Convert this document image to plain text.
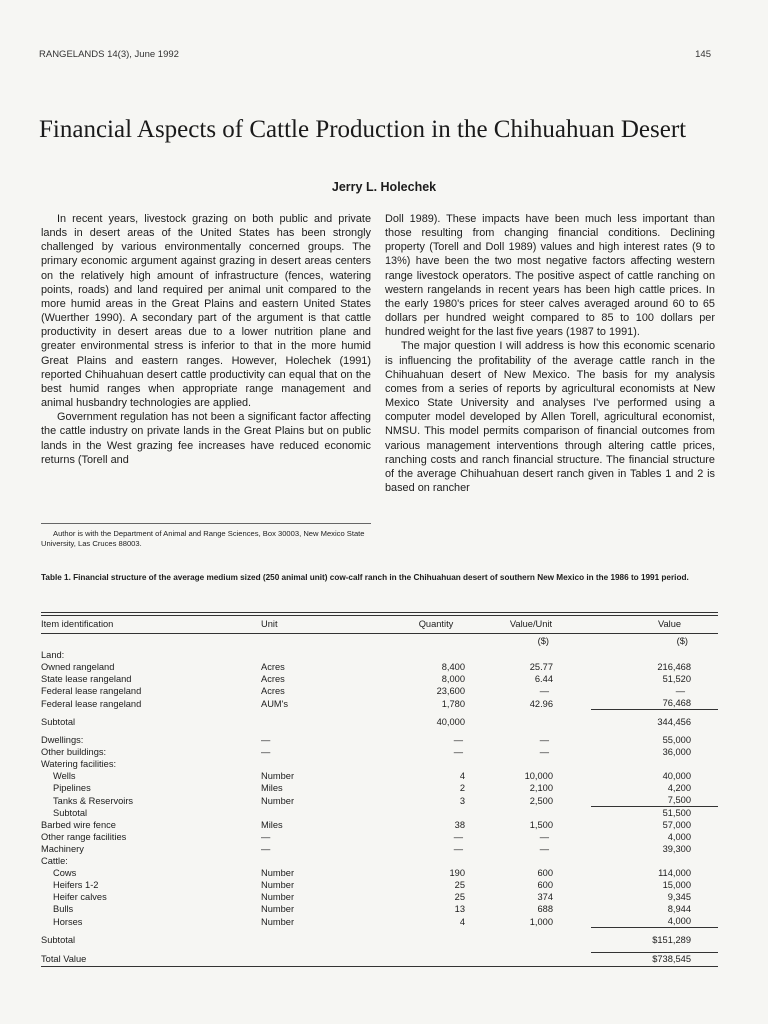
RANGELANDS 14(3), June 1992	145
Financial Aspects of Cattle Production in the Chihuahuan Desert
Jerry L. Holechek

In recent years, livestock grazing on both public and private lands in desert areas of the United States has been strongly challenged by various environmentally concerned groups. The primary economic argument against grazing in desert areas centers on the relatively high amount of infrastructure (fences, watering points, roads) and land required per animal unit compared to the more humid areas in the Great Plains and eastern United States (Wuerther 1990). A secondary part of the argument is that cattle productivity in desert areas due to a lower nutrition plane and greater environmental stress is inferior to that in the more humid Great Plains and eastern ranges. However, Holechek (1991) reported Chihuahuan desert cattle productivity can equal that on the best humid ranges when appropriate range management and animal husbandry technologies are applied.

Government regulation has not been a significant factor affecting the cattle industry on private lands in the Great Plains but on public lands in the West grazing fee increases have reduced economic returns (Torell and

Author is with the Department of Animal and Range Sciences, Box 30003, New Mexico State University, Las Cruces 88003.

Doll 1989). These impacts have been much less important than those resulting from changing financial conditions. Declining property (Torell and Doll 1989) values and high interest rates (9 to 13%) have been the two most negative factors affecting western range livestock operators. The positive aspect of cattle ranching on western rangelands in recent years has been high cattle prices. In the early 1980's prices for steer calves averaged around 60 to 65 dollars per hundred weight compared to 85 to 100 dollars per hundred weight for the last five years (1987 to 1991).

The major question I will address is how this economic scenario is influencing the profitability of the average cattle ranch in the Chihuahuan desert of New Mexico. The basis for my analysis comes from a series of reports by agricultural economists at New Mexico State University and analyses I've performed using a computer model developed by Allen Torell, agricultural economist, NMSU. This model permits comparison of financial outcomes from various management interventions through altering cattle prices, ranching costs and ranch financial structure. The financial structure of the average Chihuahuan desert ranch given in Tables 1 and 2 is based on rancher

Table 1. Financial structure of the average medium sized (250 animal unit) cow-calf ranch in the Chihuahuan desert of southern New Mexico in the 1986 to 1991 period.
Item identification	Unit	Quantity	Value/Unit	Value
			($)	($)
Land:				
Owned rangeland	Acres	8,400	25.77	216,468
State lease rangeland	Acres	8,000	6.44	51,520
Federal lease rangeland	Acres	23,600	—	—
Federal lease rangeland	AUM's	1,780	42.96	76,468

Subtotal		40,000		344,456

Dwellings:	—	—	—	55,000
Other buildings:	—	—	—	36,000
Watering facilities:				
Wells	Number	4	10,000	40,000
Pipelines	Miles	2	2,100	4,200
Tanks & Reservoirs	Number	3	2,500	7,500
Subtotal				51,500
Barbed wire fence	Miles	38	1,500	57,000
Other range facilities	—	—	—	4,000
Machinery	—	—	—	39,300
Cattle:				
Cows	Number	190	600	114,000
Heifers 1-2	Number	25	600	15,000
Heifer calves	Number	25	374	9,345
Bulls	Number	13	688	8,944
Horses	Number	4	1,000	4,000

Subtotal				$151,289

Total Value				$738,545
